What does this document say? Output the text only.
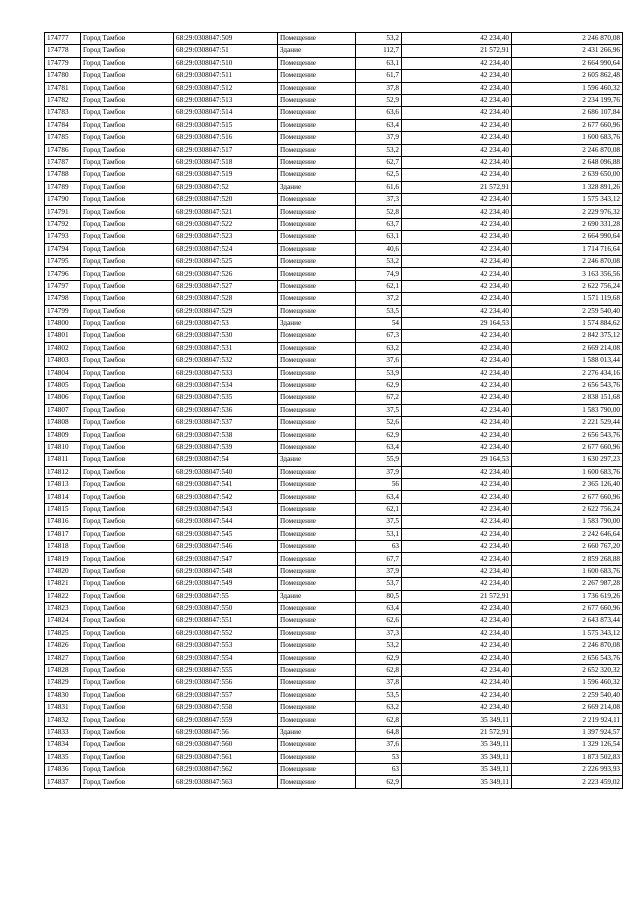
174777	Город Тамбов	68:29:0308047:509	Помещение	53,2	42 234,40	2 246 870,08
174778	Город Тамбов	68:29:0308047:51	Здание	112,7	21 572,91	2 431 266,96
174779	Город Тамбов	68:29:0308047:510	Помещение	63,1	42 234,40	2 664 990,64
174780	Город Тамбов	68:29:0308047:511	Помещение	61,7	42 234,40	2 605 862,48
174781	Город Тамбов	68:29:0308047:512	Помещение	37,8	42 234,40	1 596 460,32
174782	Город Тамбов	68:29:0308047:513	Помещение	52,9	42 234,40	2 234 199,76
174783	Город Тамбов	68:29:0308047:514	Помещение	63,6	42 234,40	2 686 107,84
174784	Город Тамбов	68:29:0308047:515	Помещение	63,4	42 234,40	2 677 660,96
174785	Город Тамбов	68:29:0308047:516	Помещение	37,9	42 234,40	1 600 683,76
174786	Город Тамбов	68:29:0308047:517	Помещение	53,2	42 234,40	2 246 870,08
174787	Город Тамбов	68:29:0308047:518	Помещение	62,7	42 234,40	2 648 096,88
174788	Город Тамбов	68:29:0308047:519	Помещение	62,5	42 234,40	2 639 650,00
174789	Город Тамбов	68:29:0308047:52	Здание	61,6	21 572,91	1 328 891,26
174790	Город Тамбов	68:29:0308047:520	Помещение	37,3	42 234,40	1 575 343,12
174791	Город Тамбов	68:29:0308047:521	Помещение	52,8	42 234,40	2 229 976,32
174792	Город Тамбов	68:29:0308047:522	Помещение	63,7	42 234,40	2 690 331,28
174793	Город Тамбов	68:29:0308047:523	Помещение	63,1	42 234,40	2 664 990,64
174794	Город Тамбов	68:29:0308047:524	Помещение	40,6	42 234,40	1 714 716,64
174795	Город Тамбов	68:29:0308047:525	Помещение	53,2	42 234,40	2 246 870,08
174796	Город Тамбов	68:29:0308047:526	Помещение	74,9	42 234,40	3 163 356,56
174797	Город Тамбов	68:29:0308047:527	Помещение	62,1	42 234,40	2 622 756,24
174798	Город Тамбов	68:29:0308047:528	Помещение	37,2	42 234,40	1 571 119,68
174799	Город Тамбов	68:29:0308047:529	Помещение	53,5	42 234,40	2 259 540,40
174800	Город Тамбов	68:29:0308047:53	Здание	54	29 164,53	1 574 884,62
174801	Город Тамбов	68:29:0308047:530	Помещение	67,3	42 234,40	2 842 375,12
174802	Город Тамбов	68:29:0308047:531	Помещение	63,2	42 234,40	2 669 214,08
174803	Город Тамбов	68:29:0308047:532	Помещение	37,6	42 234,40	1 588 013,44
174804	Город Тамбов	68:29:0308047:533	Помещение	53,9	42 234,40	2 276 434,16
174805	Город Тамбов	68:29:0308047:534	Помещение	62,9	42 234,40	2 656 543,76
174806	Город Тамбов	68:29:0308047:535	Помещение	67,2	42 234,40	2 838 151,68
174807	Город Тамбов	68:29:0308047:536	Помещение	37,5	42 234,40	1 583 790,00
174808	Город Тамбов	68:29:0308047:537	Помещение	52,6	42 234,40	2 221 529,44
174809	Город Тамбов	68:29:0308047:538	Помещение	62,9	42 234,40	2 656 543,76
174810	Город Тамбов	68:29:0308047:539	Помещение	63,4	42 234,40	2 677 660,96
174811	Город Тамбов	68:29:0308047:54	Здание	55,9	29 164,53	1 630 297,23
174812	Город Тамбов	68:29:0308047:540	Помещение	37,9	42 234,40	1 600 683,76
174813	Город Тамбов	68:29:0308047:541	Помещение	56	42 234,40	2 365 126,40
174814	Город Тамбов	68:29:0308047:542	Помещение	63,4	42 234,40	2 677 660,96
174815	Город Тамбов	68:29:0308047:543	Помещение	62,1	42 234,40	2 622 756,24
174816	Город Тамбов	68:29:0308047:544	Помещение	37,5	42 234,40	1 583 790,00
174817	Город Тамбов	68:29:0308047:545	Помещение	53,1	42 234,40	2 242 646,64
174818	Город Тамбов	68:29:0308047:546	Помещение	63	42 234,40	2 660 767,20
174819	Город Тамбов	68:29:0308047:547	Помещение	67,7	42 234,40	2 859 268,88
174820	Город Тамбов	68:29:0308047:548	Помещение	37,9	42 234,40	1 600 683,76
174821	Город Тамбов	68:29:0308047:549	Помещение	53,7	42 234,40	2 267 987,28
174822	Город Тамбов	68:29:0308047:55	Здание	80,5	21 572,91	1 736 619,26
174823	Город Тамбов	68:29:0308047:550	Помещение	63,4	42 234,40	2 677 660,96
174824	Город Тамбов	68:29:0308047:551	Помещение	62,6	42 234,40	2 643 873,44
174825	Город Тамбов	68:29:0308047:552	Помещение	37,3	42 234,40	1 575 343,12
174826	Город Тамбов	68:29:0308047:553	Помещение	53,2	42 234,40	2 246 870,08
174827	Город Тамбов	68:29:0308047:554	Помещение	62,9	42 234,40	2 656 543,76
174828	Город Тамбов	68:29:0308047:555	Помещение	62,8	42 234,40	2 652 320,32
174829	Город Тамбов	68:29:0308047:556	Помещение	37,8	42 234,40	1 596 460,32
174830	Город Тамбов	68:29:0308047:557	Помещение	53,5	42 234,40	2 259 540,40
174831	Город Тамбов	68:29:0308047:558	Помещение	63,2	42 234,40	2 669 214,08
174832	Город Тамбов	68:29:0308047:559	Помещение	62,8	35 349,11	2 219 924,11
174833	Город Тамбов	68:29:0308047:56	Здание	64,8	21 572,91	1 397 924,57
174834	Город Тамбов	68:29:0308047:560	Помещение	37,6	35 349,11	1 329 126,54
174835	Город Тамбов	68:29:0308047:561	Помещение	53	35 349,11	1 873 502,83
174836	Город Тамбов	68:29:0308047:562	Помещение	63	35 349,11	2 226 993,93
174837	Город Тамбов	68:29:0308047:563	Помещение	62,9	35 349,11	2 223 459,02
